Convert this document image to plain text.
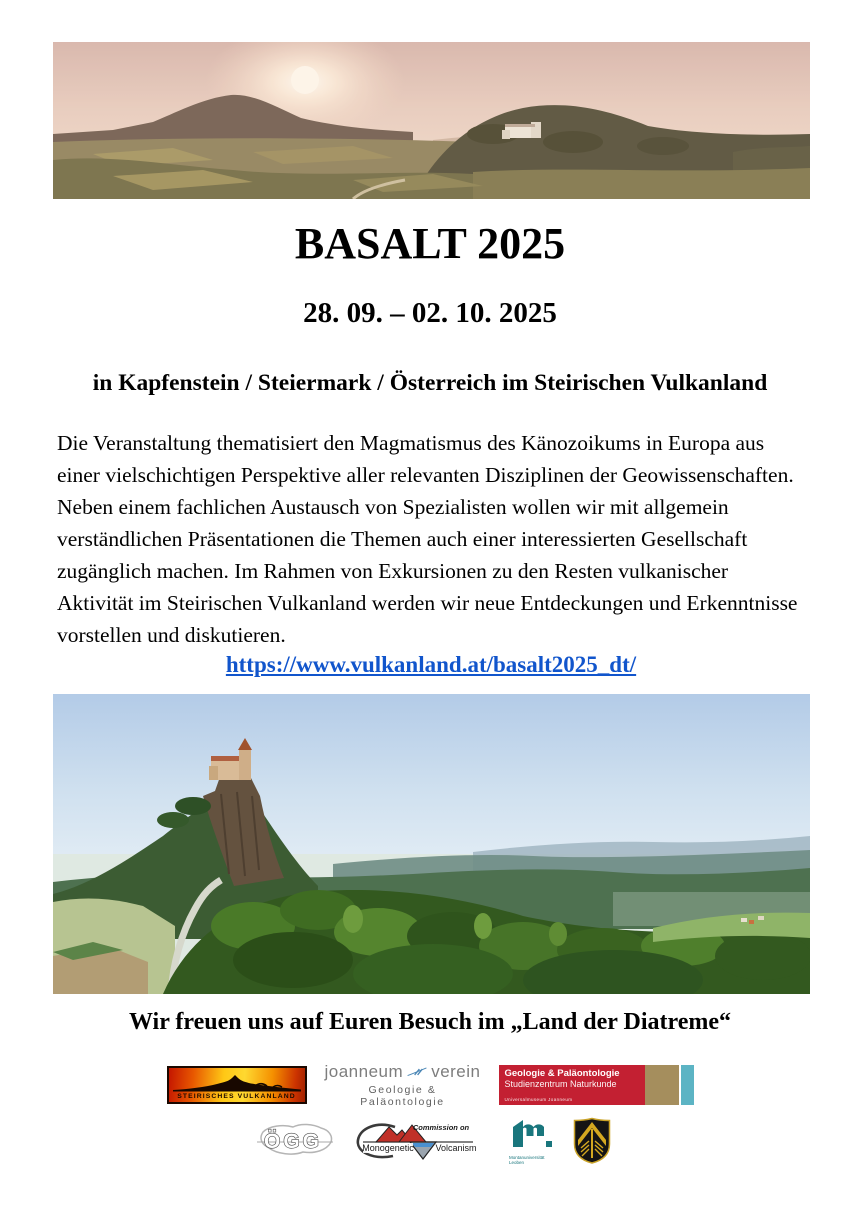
BASALT 2025
28. 09. – 02. 10. 2025
in Kapfenstein / Steiermark / Österreich im Steirischen Vulkanland

Die Veranstaltung thematisiert den Magmatismus des Känozoikums in Europa aus einer vielschichtigen Perspektive aller relevanten Disziplinen der Geowissenschaften. Neben einem fachlichen Austausch von Spezialisten wollen wir mit allgemein verständlichen Präsentationen die Themen auch einer interessierten Gesellschaft zugänglich machen. Im Rahmen von Exkursionen zu den Resten vulkanischer Aktivität im Steirischen Vulkanland werden wir neue Entdeckungen und Erkenntnisse vorstellen und diskutieren.

https://www.vulkanland.at/basalt2025_dt/
Wir freuen uns auf Euren Besuch im „Land der Diatreme“
STEIRISCHES VULKANLAND
joanneum verein
Geologie & Paläontologie
Geologie & Paläontologie
Studienzentrum Naturkunde
Universalmuseum Joanneum
ÖGG
Commission on
Monogenetic Volcanism
Montanuniversität
Leoben
